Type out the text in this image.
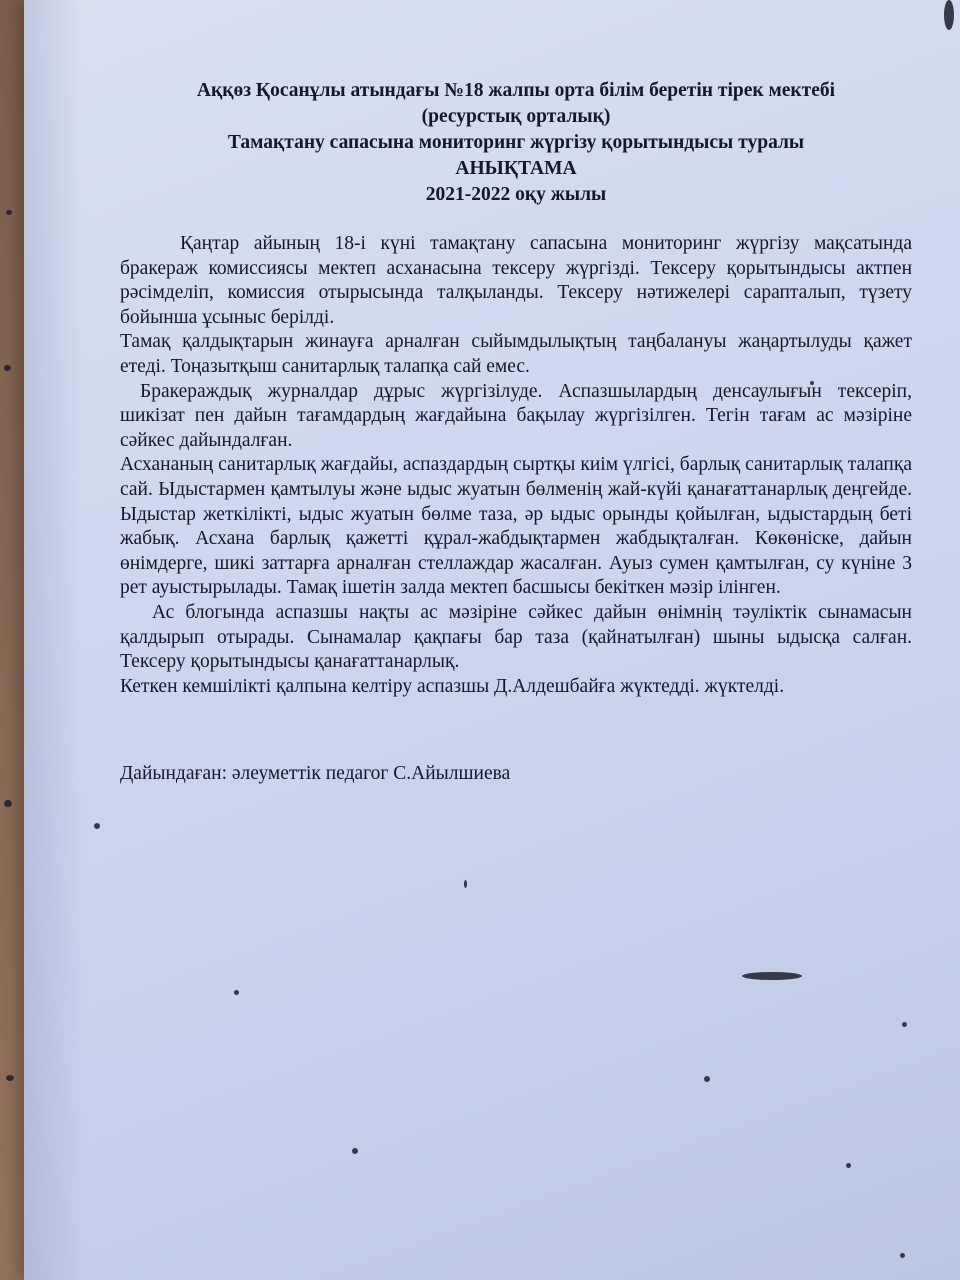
Аққөз Қосанұлы атындағы №18 жалпы орта білім беретін тірек мектебі
(ресурстық орталық)
Тамақтану сапасына мониторинг жүргізу қорытындысы туралы
АНЫҚТАМА
2021-2022 оқу жылы

Қаңтар айының 18-і күні тамақтану сапасына мониторинг жүргізу мақсатында бракераж комиссиясы мектеп асханасына тексеру жүргізді. Тексеру қорытындысы актпен рәсімделіп, комиссия отырысында талқыланды. Тексеру нәтижелері сарапталып, түзету бойынша ұсыныс берілді.

Тамақ қалдықтарын жинауға арналған сыйымдылықтың таңбалануы жаңартылуды қажет етеді. Тоңазытқыш санитарлық талапқа сай емес.

Бракераждық журналдар дұрыс жүргізілуде. Аспазшылардың денсаулығын тексеріп, шикізат пен дайын тағамдардың жағдайына бақылау жүргізілген. Тегін тағам ас мәзіріне сәйкес дайындалған.

Асхананың санитарлық жағдайы, аспаздардың сыртқы киім үлгісі, барлық санитарлық талапқа сай. Ыдыстармен қамтылуы және ыдыс жуатын бөлменің жай-күйі қанағаттанарлық деңгейде. Ыдыстар жеткілікті, ыдыс жуатын бөлме таза, әр ыдыс орынды қойылған, ыдыстардың беті жабық. Асхана барлық қажетті құрал-жабдықтармен жабдықталған. Көкөніске, дайын өнімдерге, шикі заттарға арналған стеллаждар жасалған. Ауыз сумен қамтылған, су күніне 3 рет ауыстырылады. Тамақ ішетін залда мектеп басшысы бекіткен мәзір ілінген.

Ас блогында аспазшы нақты ас мәзіріне сәйкес дайын өнімнің тәуліктік сынамасын қалдырып отырады. Сынамалар қақпағы бар таза (қайнатылған) шыны ыдысқа салған. Тексеру қорытындысы қанағаттанарлық.

Кеткен кемшілікті қалпына келтіру аспазшы Д.Алдешбайға жүктедді. жүктелді.

Дайындаған: әлеуметтік педагог С.Айылшиева
